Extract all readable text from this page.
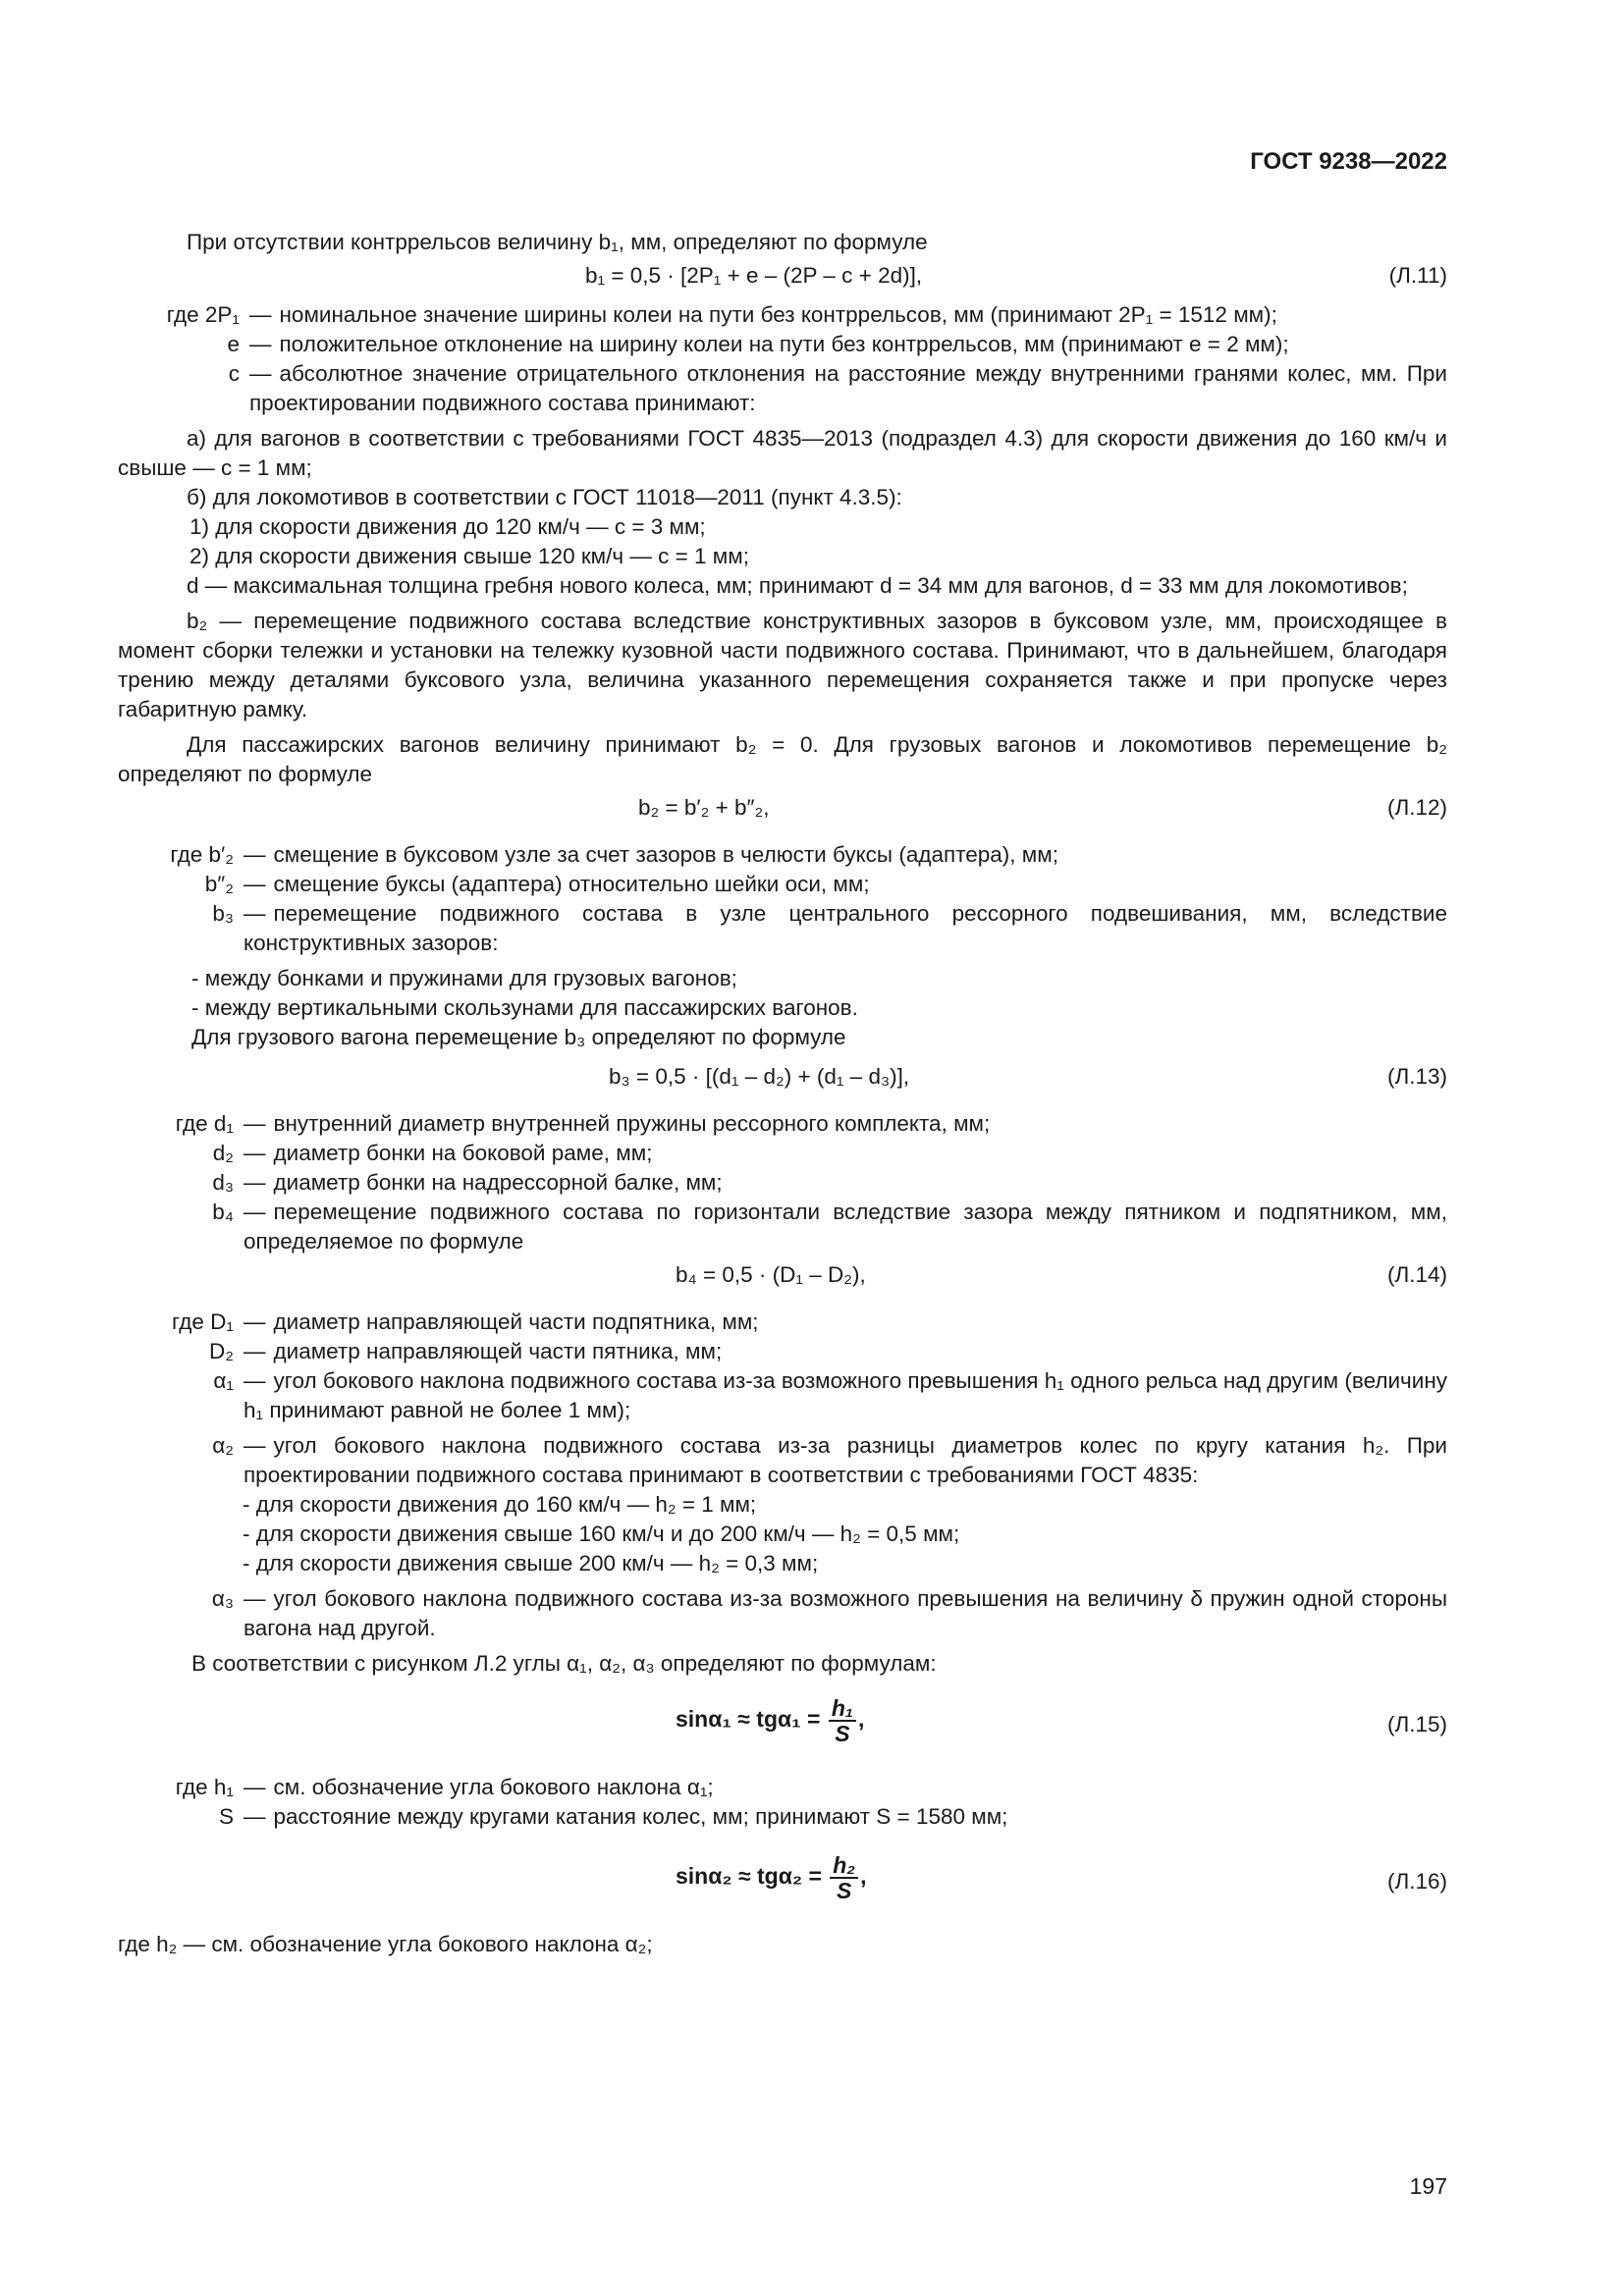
ГОСТ 9238—2022

При отсутствии контррельсов величину b₁, мм, определяют по формуле

b₁ = 0,5 · [2P₁ + e – (2P – c + 2d)],	(Л.11)
где 2P₁ — номинальное значение ширины колеи на пути без контррельсов, мм (принимают 2P₁ = 1512 мм);
e — положительное отклонение на ширину колеи на пути без контррельсов, мм (принимают e = 2 мм);
c — абсолютное значение отрицательного отклонения на расстояние между внутренними гранями колес, мм. При проектировании подвижного состава принимают:

а) для вагонов в соответствии с требованиями ГОСТ 4835—2013 (подраздел 4.3) для скорости движения до 160 км/ч и свыше — c = 1 мм;

б) для локомотивов в соответствии с ГОСТ 11018—2011 (пункт 4.3.5):

1) для скорости движения до 120 км/ч — c = 3 мм;

2) для скорости движения свыше 120 км/ч — c = 1 мм;

d — максимальная толщина гребня нового колеса, мм; принимают d = 34 мм для вагонов, d = 33 мм для локомотивов;

b₂ — перемещение подвижного состава вследствие конструктивных зазоров в буксовом узле, мм, происходящее в момент сборки тележки и установки на тележку кузовной части подвижного состава. Принимают, что в дальнейшем, благодаря трению между деталями буксового узла, величина указанного перемещения сохраняется также и при пропуске через габаритную рамку.

Для пассажирских вагонов величину принимают b₂ = 0. Для грузовых вагонов и локомотивов перемещение b₂ определяют по формуле

b₂ = b′₂ + b″₂,	(Л.12)
где b′₂ — смещение в буксовом узле за счет зазоров в челюсти буксы (адаптера), мм;
b″₂ — смещение буксы (адаптера) относительно шейки оси, мм;
b₃ — перемещение подвижного состава в узле центрального рессорного подвешивания, мм, вследствие конструктивных зазоров:

- между бонками и пружинами для грузовых вагонов;

- между вертикальными скользунами для пассажирских вагонов.

Для грузового вагона перемещение b₃ определяют по формуле

b₃ = 0,5 · [(d₁ – d₂) + (d₁ – d₃)],	(Л.13)
где d₁ — внутренний диаметр внутренней пружины рессорного комплекта, мм;
d₂ — диаметр бонки на боковой раме, мм;
d₃ — диаметр бонки на надрессорной балке, мм;
b₄ — перемещение подвижного состава по горизонтали вследствие зазора между пятником и подпятником, мм, определяемое по формуле
b₄ = 0,5 · (D₁ – D₂),	(Л.14)
где D₁ — диаметр направляющей части подпятника, мм;
D₂ — диаметр направляющей части пятника, мм;
α₁ — угол бокового наклона подвижного состава из-за возможного превышения h₁ одного рельса над другим (величину h₁ принимают равной не более 1 мм);
α₂ — угол бокового наклона подвижного состава из-за разницы диаметров колес по кругу катания h₂. При проектировании подвижного состава принимают в соответствии с требованиями ГОСТ 4835:

- для скорости движения до 160 км/ч — h₂ = 1 мм;

- для скорости движения свыше 160 км/ч и до 200 км/ч — h₂ = 0,5 мм;

- для скорости движения свыше 200 км/ч — h₂ = 0,3 мм;

α₃ — угол бокового наклона подвижного состава из-за возможного превышения на величину δ пружин одной стороны вагона над другой.

В соответствии с рисунком Л.2 углы α₁, α₂, α₃ определяют по формулам:

$\sin\alpha_1 \approx tg\alpha_1 = \frac{\text{h₁}}{S}$ ,	(Л.15)
где h₁ — см. обозначение угла бокового наклона α₁;
S — расстояние между кругами катания колес, мм; принимают S = 1580 мм;
$\sin\alpha_2 \approx tg\alpha_2 = \frac{\text{h₂}}{S}$ ,	(Л.16)

где h₂ — см. обозначение угла бокового наклона α₂;

197
